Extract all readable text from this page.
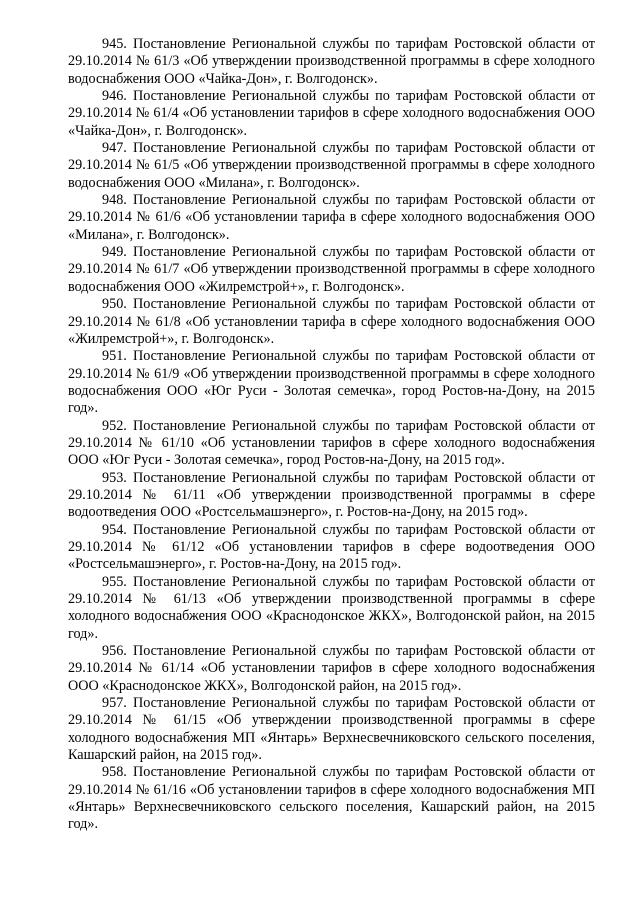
945. Постановление Региональной службы по тарифам Ростовской области от 29.10.2014 № 61/3 «Об утверждении производственной программы в сфере холодного водоснабжения ООО «Чайка-Дон», г. Волгодонск».

946. Постановление Региональной службы по тарифам Ростовской области от 29.10.2014 № 61/4 «Об установлении тарифов в сфере холодного водоснабжения ООО «Чайка-Дон», г. Волгодонск».

947. Постановление Региональной службы по тарифам Ростовской области от 29.10.2014 № 61/5 «Об утверждении производственной программы в сфере холодного водоснабжения ООО «Милана», г. Волгодонск».

948. Постановление Региональной службы по тарифам Ростовской области от 29.10.2014 № 61/6 «Об установлении тарифа в сфере холодного водоснабжения ООО «Милана», г. Волгодонск».

949. Постановление Региональной службы по тарифам Ростовской области от 29.10.2014 № 61/7 «Об утверждении производственной программы в сфере холодного водоснабжения ООО «Жилремстрой+», г. Волгодонск».

950. Постановление Региональной службы по тарифам Ростовской области от 29.10.2014 № 61/8 «Об установлении тарифа в сфере холодного водоснабжения ООО «Жилремстрой+», г. Волгодонск».

951. Постановление Региональной службы по тарифам Ростовской области от 29.10.2014 № 61/9 «Об утверждении производственной программы в сфере холодного водоснабжения ООО «Юг Руси - Золотая семечка», город Ростов-на-Дону, на 2015 год».

952. Постановление Региональной службы по тарифам Ростовской области от 29.10.2014 № 61/10 «Об установлении тарифов в сфере холодного водоснабжения ООО «Юг Руси - Золотая семечка», город Ростов-на-Дону, на 2015 год».

953. Постановление Региональной службы по тарифам Ростовской области от 29.10.2014 № 61/11 «Об утверждении производственной программы в сфере водоотведения ООО «Ростсельмашэнерго», г. Ростов-на-Дону, на 2015 год».

954. Постановление Региональной службы по тарифам Ростовской области от 29.10.2014 № 61/12 «Об установлении тарифов в сфере водоотведения ООО «Ростсельмашэнерго», г. Ростов-на-Дону, на 2015 год».

955. Постановление Региональной службы по тарифам Ростовской области от 29.10.2014 № 61/13 «Об утверждении производственной программы в сфере холодного водоснабжения ООО «Краснодонское ЖКХ», Волгодонской район, на 2015 год».

956. Постановление Региональной службы по тарифам Ростовской области от 29.10.2014 № 61/14 «Об установлении тарифов в сфере холодного водоснабжения ООО «Краснодонское ЖКХ», Волгодонской район, на 2015 год».

957. Постановление Региональной службы по тарифам Ростовской области от 29.10.2014 № 61/15 «Об утверждении производственной программы в сфере холодного водоснабжения МП «Янтарь» Верхнесвечниковского сельского поселения, Кашарский район, на 2015 год».

958. Постановление Региональной службы по тарифам Ростовской области от 29.10.2014 № 61/16 «Об установлении тарифов в сфере холодного водоснабжения МП «Янтарь» Верхнесвечниковского сельского поселения, Кашарский район, на 2015 год».
